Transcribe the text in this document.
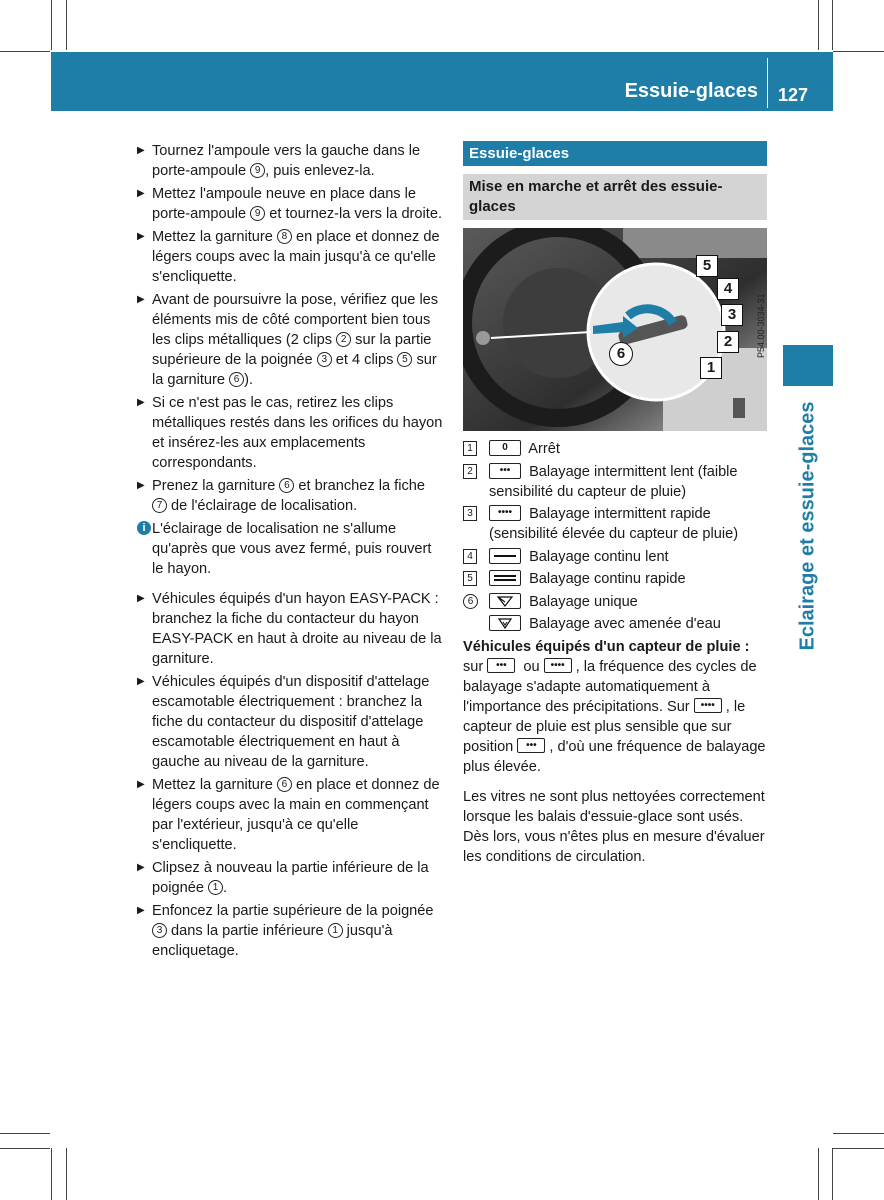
Essuie-glaces 127
Eclairage et essuie-glaces
▶ Tournez l'ampoule vers la gauche dans le porte-ampoule 9 , puis enlevez-la.
▶ Mettez l'ampoule neuve en place dans le porte-ampoule 9 et tournez-la vers la droite.
▶ Mettez la garniture 8 en place et donnez de légers coups avec la main jusqu'à ce qu'elle s'encliquette.
▶ Avant de poursuivre la pose, vérifiez que les éléments mis de côté comportent bien tous les clips métalliques (2 clips 2 sur la partie supérieure de la poignée 3 et 4 clips 5 sur la garniture 6 ).
▶ Si ce n'est pas le cas, retirez les clips métalliques restés dans les orifices du hayon et insérez-les aux emplacements correspondants.
▶ Prenez la garniture 6 et branchez la fiche 7 de l'éclairage de localisation.
i L'éclairage de localisation ne s'allume qu'après que vous avez fermé, puis rouvert le hayon.
▶ Véhicules équipés d'un hayon EASY-PACK : branchez la fiche du contacteur du hayon EASY-PACK en haut à droite au niveau de la garniture.
▶ Véhicules équipés d'un dispositif d'attelage escamotable électriquement : branchez la fiche du contacteur du dispositif d'attelage escamotable électriquement en haut à gauche au niveau de la garniture.
▶ Mettez la garniture 6 en place et donnez de légers coups avec la main en commençant par l'extérieur, jusqu'à ce qu'elle s'encliquette.
▶ Clipsez à nouveau la partie inférieure de la poignée 1 .
▶ Enfoncez la partie supérieure de la poignée 3 dans la partie inférieure 1 jusqu'à encliquetage.
Essuie-glaces
Mise en marche et arrêt des essuie-glaces
5
4
3
2
1
6	P54.00-3034-31
1	0 Arrêt
2	••• Balayage intermittent lent (faible sensibilité du capteur de pluie)
3	•••• Balayage intermittent rapide (sensibilité élevée du capteur de pluie)
4	Balayage continu lent
5	Balayage continu rapide
6	Balayage unique
Balayage avec amenée d'eau

Véhicules équipés d'un capteur de pluie :

sur ••• ou •••• , la fréquence des cycles de balayage s'adapte automatiquement à l'importance des précipitations. Sur •••• , le capteur de pluie est plus sensible que sur position ••• , d'où une fréquence de balayage plus élevée.

Les vitres ne sont plus nettoyées correctement lorsque les balais d'essuie-glace sont usés. Dès lors, vous n'êtes plus en mesure d'évaluer les conditions de circulation.
